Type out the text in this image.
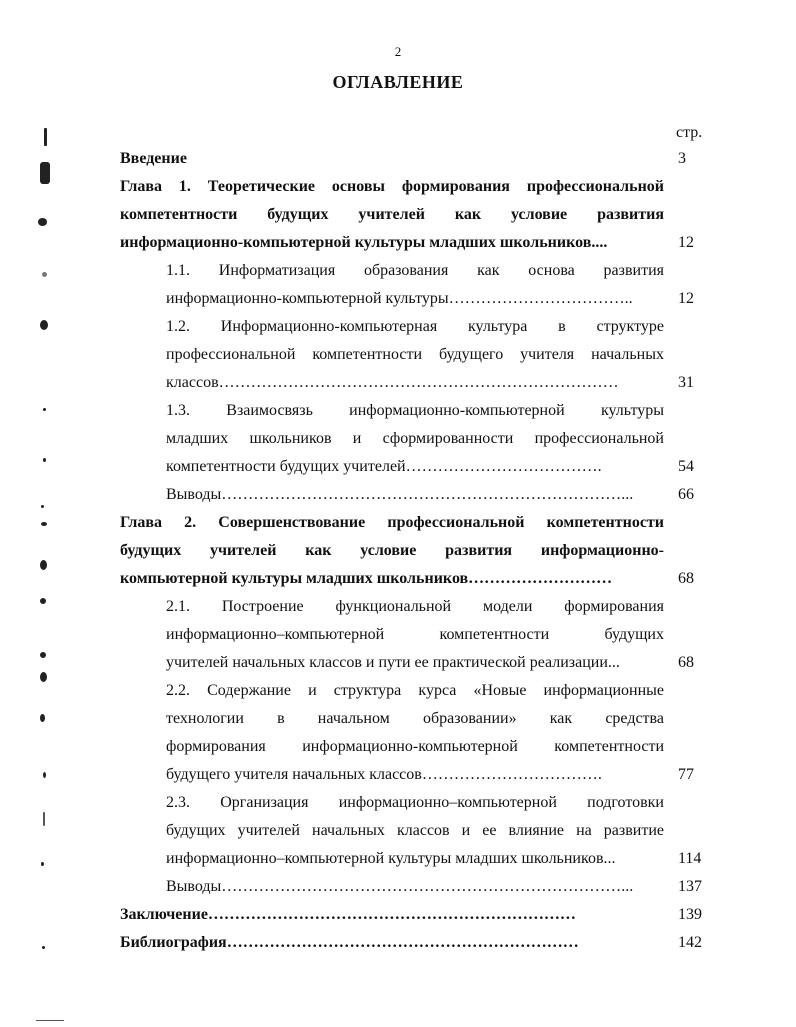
2
ОГЛАВЛЕНИЕ
стр.
Введение	3
Глава 1. Теоретические основы формирования профессиональной
компетентности будущих учителей как условие развития
информационно-компьютерной культуры младших школьников....	12
1.1. Информатизация образования как основа развития
информационно-компьютерной культуры……………………………..	12
1.2. Информационно-компьютерная культура в структуре
профессиональной компетентности будущего учителя начальных
классов…………………………………………………………………	31
1.3. Взаимосвязь информационно-компьютерной культуры
младших школьников и сформированности профессиональной
компетентности будущих учителей……………………………….	54
Выводы…………………………………………………………………...	66
Глава 2. Совершенствование профессиональной компетентности
будущих учителей как условие развития информационно-
компьютерной культуры младших школьников………………………	68
2.1. Построение функциональной модели формирования
информационно–компьютерной компетентности будущих
учителей начальных классов и пути ее практической реализации...	68
2.2. Содержание и структура курса «Новые информационные
технологии в начальном образовании» как средства
формирования информационно-компьютерной компетентности
будущего учителя начальных классов…………………………….	77
2.3. Организация информационно–компьютерной подготовки
будущих учителей начальных классов и ее влияние на развитие
информационно–компьютерной культуры младших школьников...	114
Выводы…………………………………………………………………...	137
Заключение……………………………………………………………	139
Библиография…………………………………………………………	142
